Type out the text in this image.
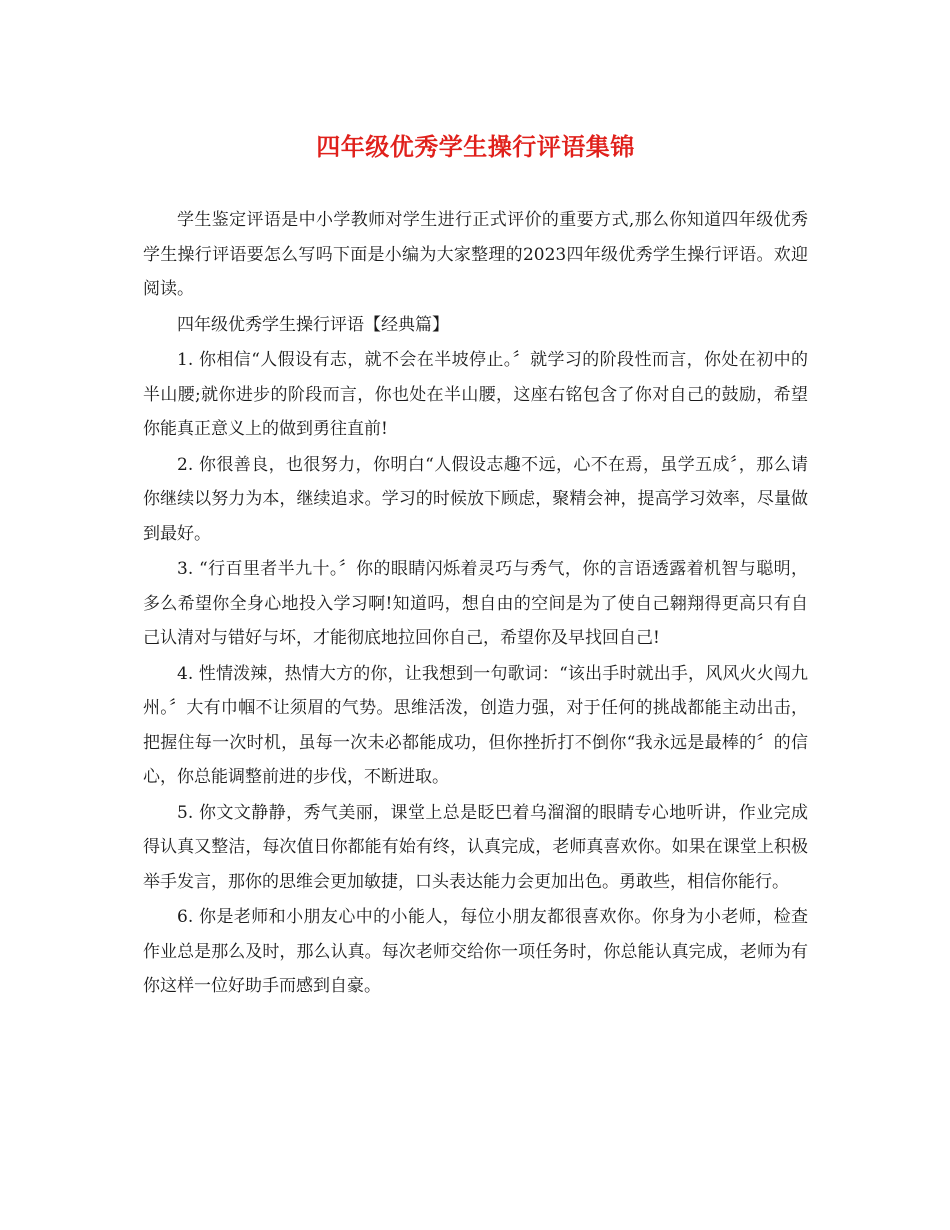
四年级优秀学生操行评语集锦

学生鉴定评语是中小学教师对学生进行正式评价的重要方式,那么你知道四年级优秀学生操行评语要怎么写吗下面是小编为大家整理的2023四年级优秀学生操行评语。欢迎阅读。

四年级优秀学生操行评语【经典篇】

1. 你相信“人假设有志，就不会在半坡停止。〞就学习的阶段性而言，你处在初中的半山腰;就你进步的阶段而言，你也处在半山腰，这座右铭包含了你对自己的鼓励，希望你能真正意义上的做到勇往直前!

2. 你很善良，也很努力，你明白“人假设志趣不远，心不在焉，虽学五成〞，那么请你继续以努力为本，继续追求。学习的时候放下顾虑，聚精会神，提高学习效率，尽量做到最好。

3. “行百里者半九十。〞你的眼睛闪烁着灵巧与秀气，你的言语透露着机智与聪明，多么希望你全身心地投入学习啊!知道吗，想自由的空间是为了使自己翱翔得更高只有自己认清对与错好与坏，才能彻底地拉回你自己，希望你及早找回自己!

4. 性情泼辣，热情大方的你，让我想到一句歌词：“该出手时就出手，风风火火闯九州。〞大有巾帼不让须眉的气势。思维活泼，创造力强，对于任何的挑战都能主动出击，把握住每一次时机，虽每一次未必都能成功，但你挫折打不倒你“我永远是最棒的〞的信心，你总能调整前进的步伐，不断进取。

5. 你文文静静，秀气美丽，课堂上总是眨巴着乌溜溜的眼睛专心地听讲，作业完成得认真又整洁，每次值日你都能有始有终，认真完成，老师真喜欢你。如果在课堂上积极举手发言，那你的思维会更加敏捷，口头表达能力会更加出色。勇敢些，相信你能行。

6. 你是老师和小朋友心中的小能人，每位小朋友都很喜欢你。你身为小老师，检查作业总是那么及时，那么认真。每次老师交给你一项任务时，你总能认真完成，老师为有你这样一位好助手而感到自豪。
